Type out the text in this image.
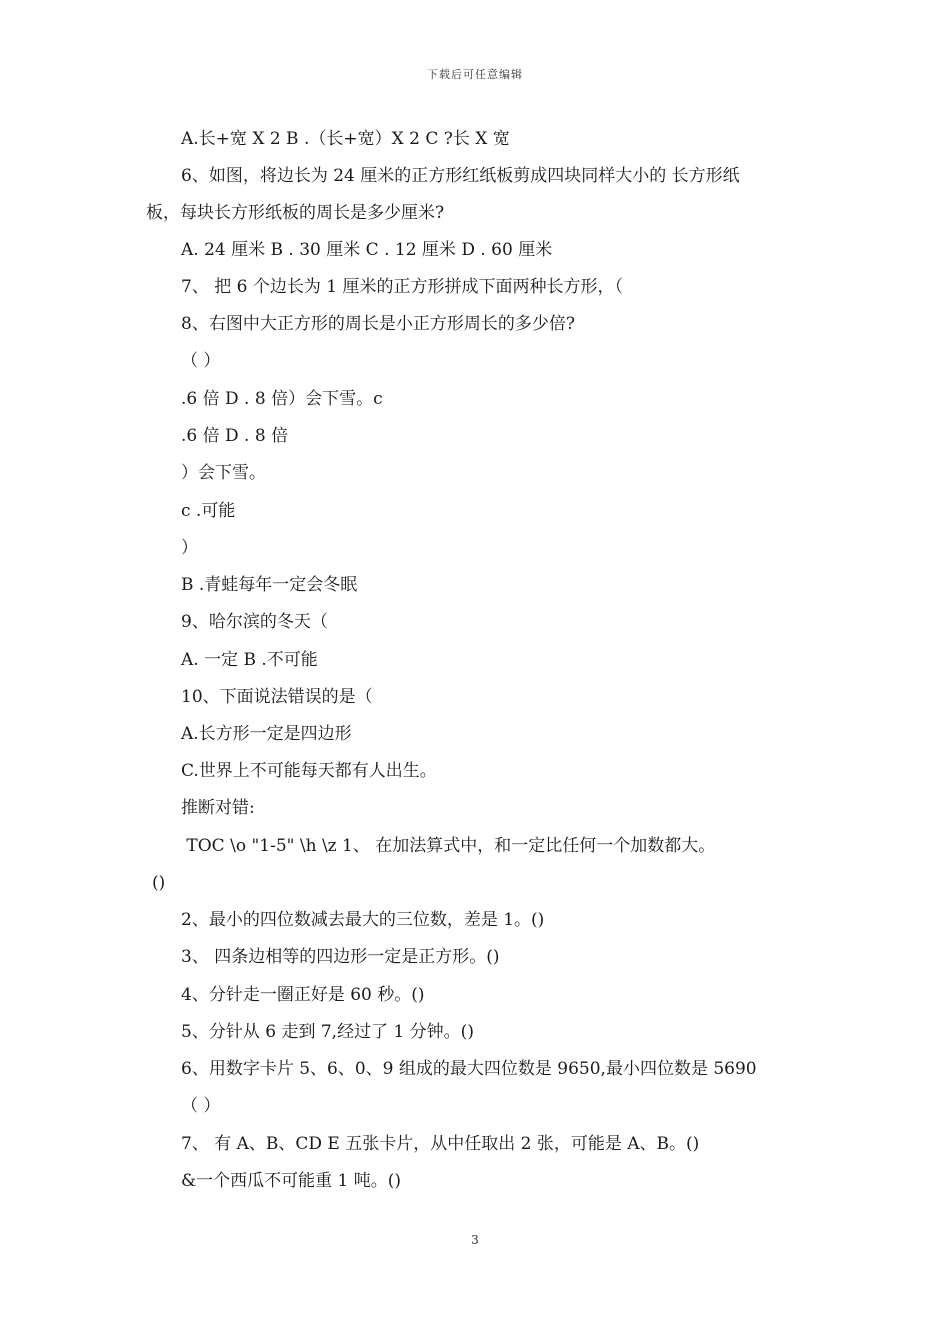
下载后可任意编辑
A.长+宽 X 2 B .（长+宽）X 2 C ?长 X 宽
6、如图，将边长为 24 厘米的正方形红纸板剪成四块同样大小的 长方形纸
板，每块长方形纸板的周长是多少厘米?
A. 24 厘米 B . 30 厘米 C . 12 厘米 D . 60 厘米
7、 把 6 个边长为 1 厘米的正方形拼成下面两种长方形，（
8、右图中大正方形的周长是小正方形周长的多少倍?
（ ）
.6 倍 D . 8 倍）会下雪。c
.6 倍 D . 8 倍
）会下雪。
c .可能
）
B .青蛙每年一定会冬眠
9、哈尔滨的冬天（
A. 一定 B .不可能
10、下面说法错误的是（
A.长方形一定是四边形
C.世界上不可能每天都有人出生。
推断对错:
TOC \o "1-5" \h \z 1、 在加法算式中，和一定比任何一个加数都大。
()
2、最小的四位数减去最大的三位数，差是 1。()
3、 四条边相等的四边形一定是正方形。()
4、分针走一圈正好是 60 秒。()
5、分针从 6 走到 7,经过了 1 分钟。()
6、用数字卡片 5、6、0、9 组成的最大四位数是 9650,最小四位数是 5690
（ ）
7、 有 A、B、CD E 五张卡片，从中任取出 2 张，可能是 A、B。()
&一个西瓜不可能重 1 吨。()
3
